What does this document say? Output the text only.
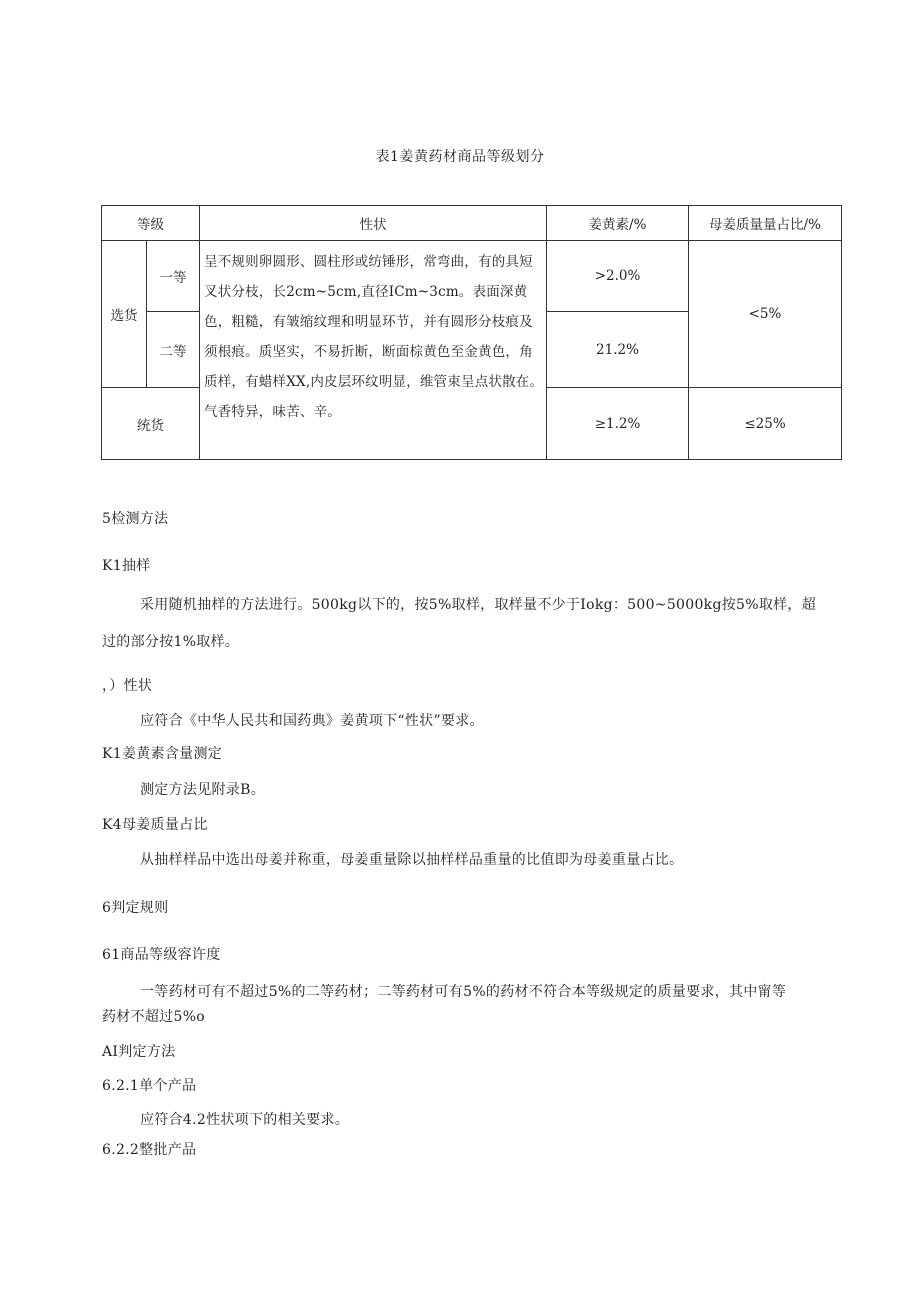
表1姜黄药材商品等级划分
等级		性状	姜黄素/%	母姜质量量占比/%
选货	一等	呈不规则卵圆形、圆柱形或纺锤形，常弯曲，有的具短叉状分枝，长2cm~5cm,直径ICm~3cm。表面深黄色，粗糙，有皱缩纹理和明显环节，并有圆形分枝痕及须根痕。质坚实，不易折断，断面棕黄色至金黄色，角质样，有蜡样XX,内皮层环纹明显，维管束呈点状散在。气香特异，味苦、辛。	>2.0%	<5%
	二等		21.2%	
统货			≥1.2%	≤25%
5检测方法
K1抽样
采用随机抽样的方法进行。500kg以下的，按5%取样，取样量不少于Iokg：500~5000kg按5%取样，超
过的部分按1%取样。
，）性状
应符合《中华人民共和国药典》姜黄项下“性状”要求。
K1姜黄素含量测定
测定方法见附录B。
K4母姜质量占比
从抽样样品中选出母姜并称重，母姜重量除以抽样样品重量的比值即为母姜重量占比。
6判定规则
61商品等级容许度
一等药材可有不超过5%的二等药材；二等药材可有5%的药材不符合本等级规定的质量要求，其中甯等
药材不超过5%o
AI判定方法
6.2.1单个产品
应符合4.2性状项下的相关要求。
6.2.2整批产品
